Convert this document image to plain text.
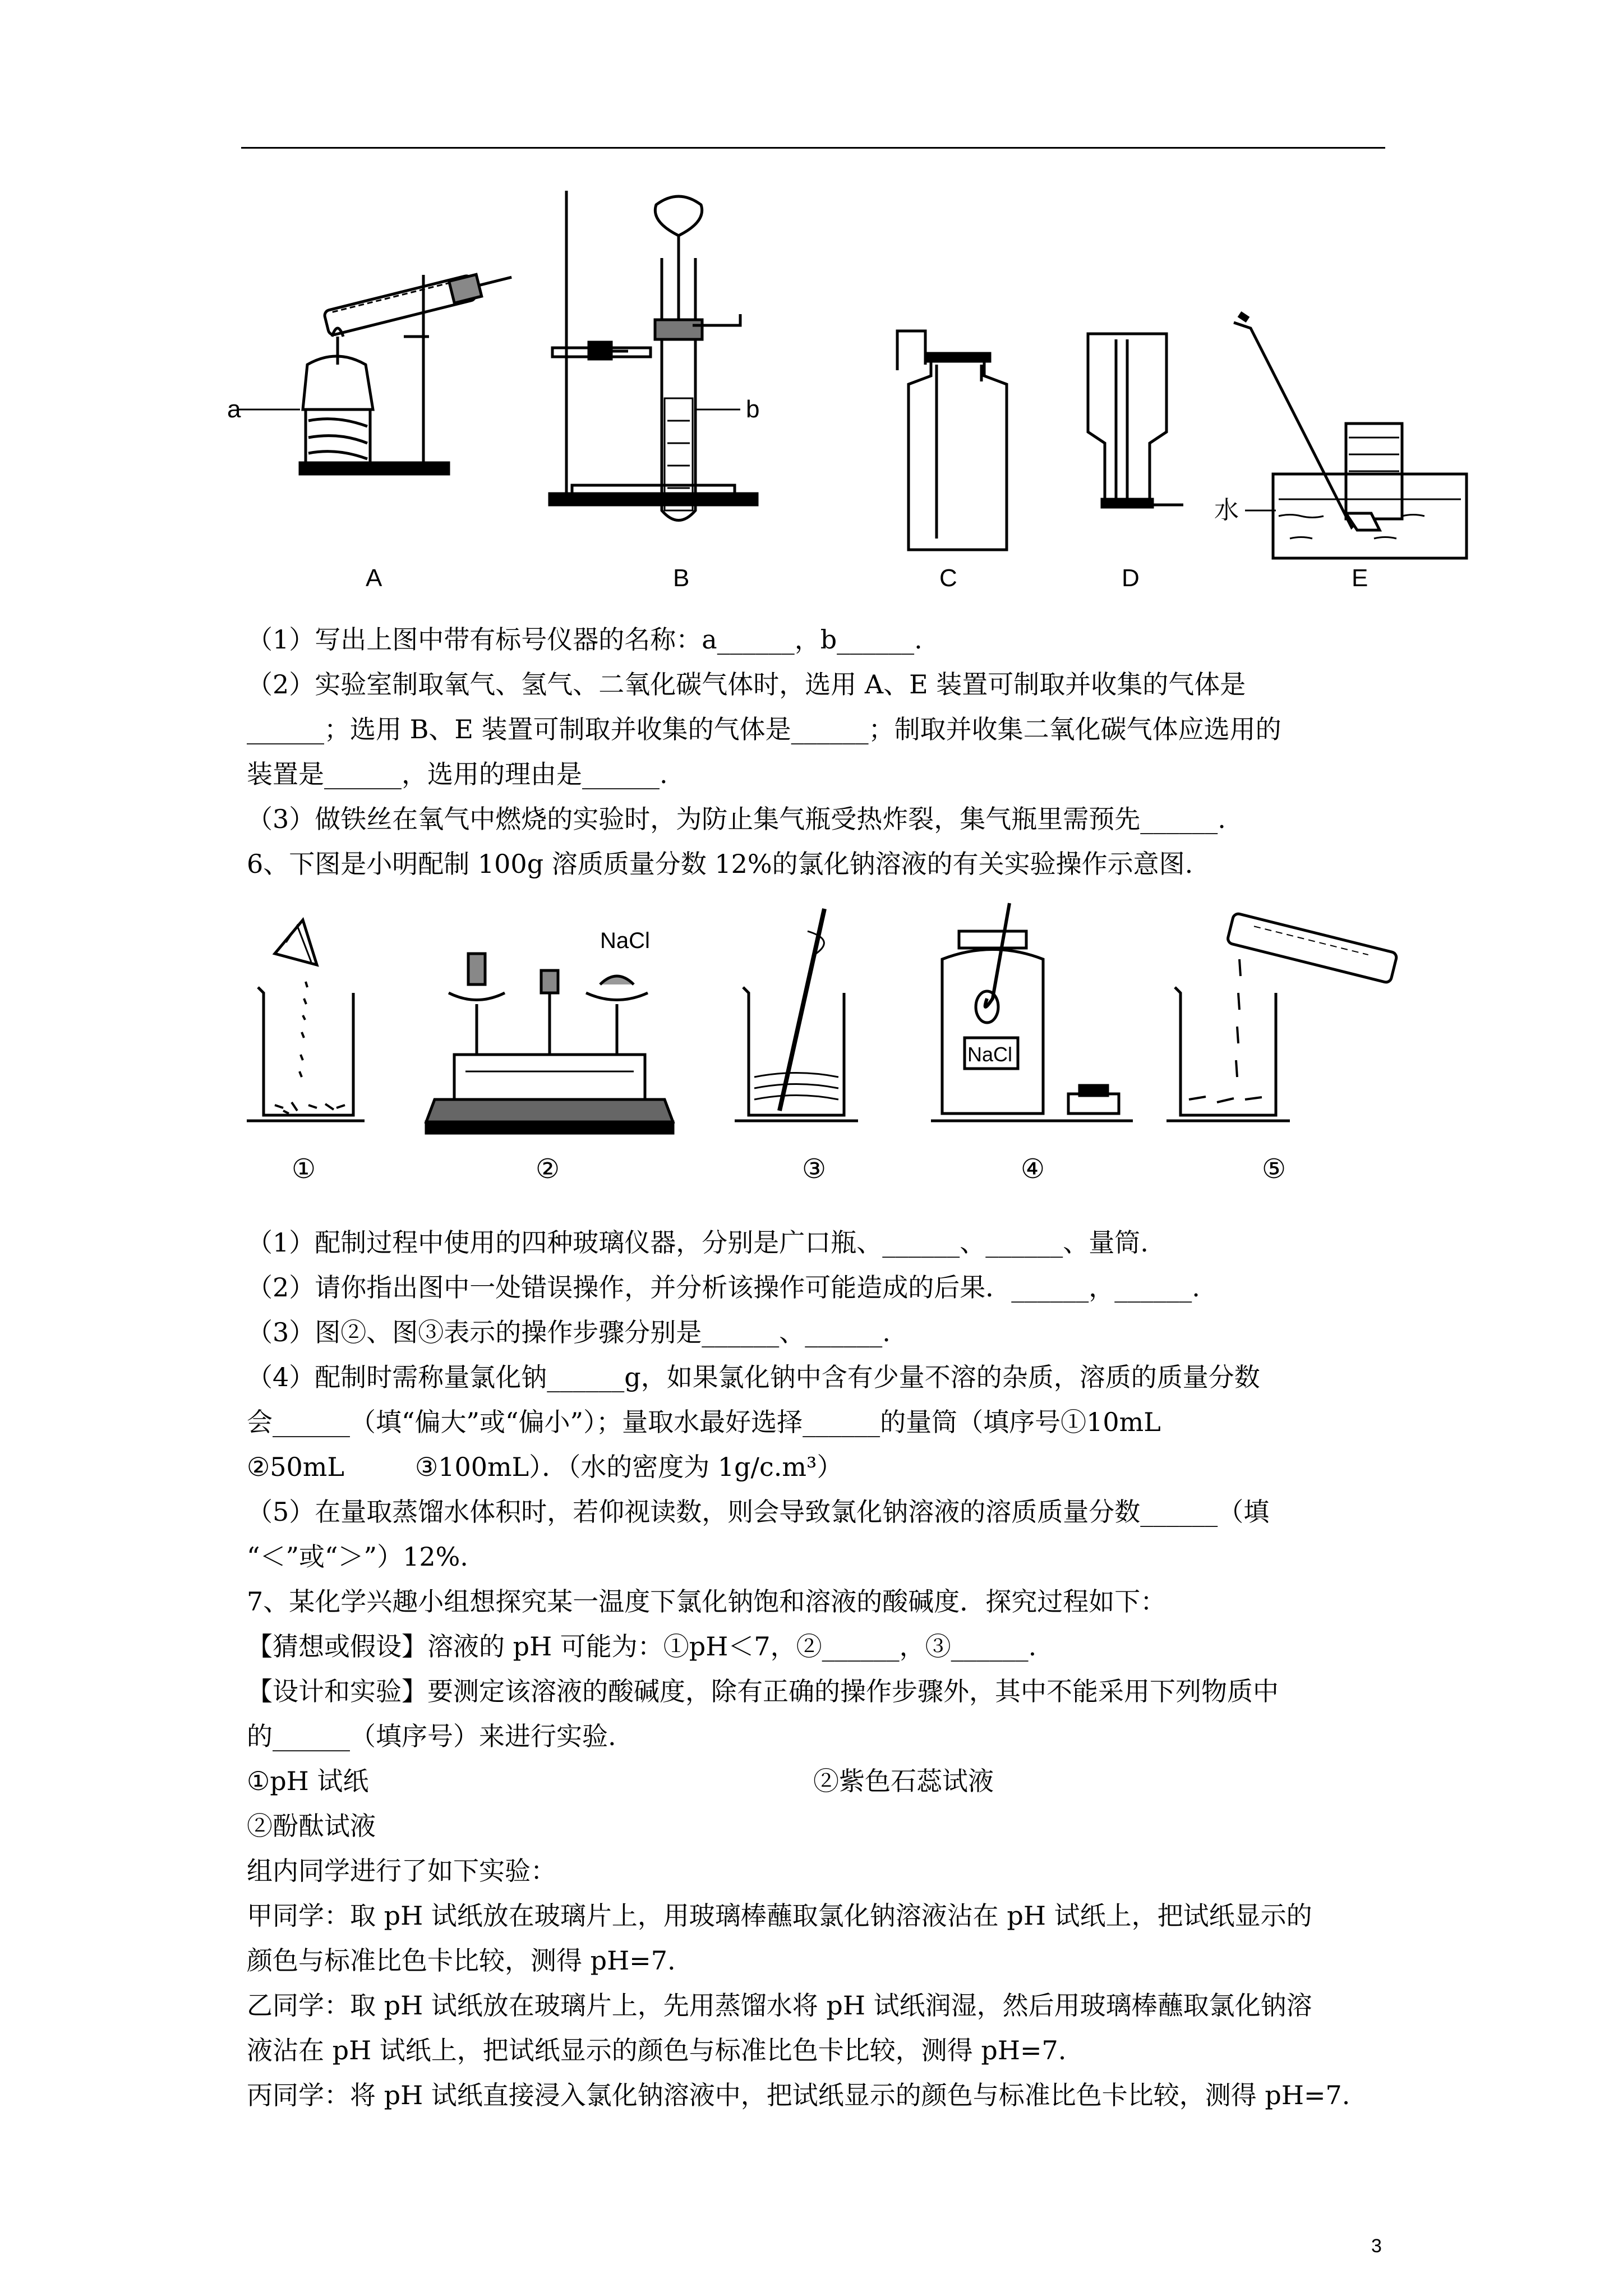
a	b
水
A	B	C	D	E
（1）写出上图中带有标号仪器的名称：a______，b______.
（2）实验室制取氧气、氢气、二氧化碳气体时，选用 A、E 装置可制取并收集的气体是
______；选用 B、E 装置可制取并收集的气体是______；制取并收集二氧化碳气体应选用的
装置是______，选用的理由是______.
（3）做铁丝在氧气中燃烧的实验时，为防止集气瓶受热炸裂，集气瓶里需预先______.
6、下图是小明配制 100g 溶质质量分数 12%的氯化钠溶液的有关实验操作示意图.
NaCl
NaCl
①	②	③	④	⑤
（1）配制过程中使用的四种玻璃仪器，分别是广口瓶、______、______、量筒.
（2）请你指出图中一处错误操作，并分析该操作可能造成的后果．______，______.
（3）图②、图③表示的操作步骤分别是______、______.
（4）配制时需称量氯化钠______g，如果氯化钠中含有少量不溶的杂质，溶质的质量分数
会______（填“偏大”或“偏小”）；量取水最好选择______的量筒（填序号①10mL
②50mL	③100mL）．（水的密度为 1g/c.m³）
（5）在量取蒸馏水体积时，若仰视读数，则会导致氯化钠溶液的溶质质量分数______（填
“＜”或“＞”）12%.
7、某化学兴趣小组想探究某一温度下氯化钠饱和溶液的酸碱度．探究过程如下：
【猜想或假设】溶液的 pH 可能为：①pH＜7，②______，③______.
【设计和实验】要测定该溶液的酸碱度，除有正确的操作步骤外，其中不能采用下列物质中
的______（填序号）来进行实验.
①pH 试纸	②紫色石蕊试液
②酚酞试液
组内同学进行了如下实验：
甲同学：取 pH 试纸放在玻璃片上，用玻璃棒蘸取氯化钠溶液沾在 pH 试纸上，把试纸显示的
颜色与标准比色卡比较，测得 pH=7.
乙同学：取 pH 试纸放在玻璃片上，先用蒸馏水将 pH 试纸润湿，然后用玻璃棒蘸取氯化钠溶
液沾在 pH 试纸上，把试纸显示的颜色与标准比色卡比较，测得 pH=7.
丙同学：将 pH 试纸直接浸入氯化钠溶液中，把试纸显示的颜色与标准比色卡比较，测得 pH=7.
3
